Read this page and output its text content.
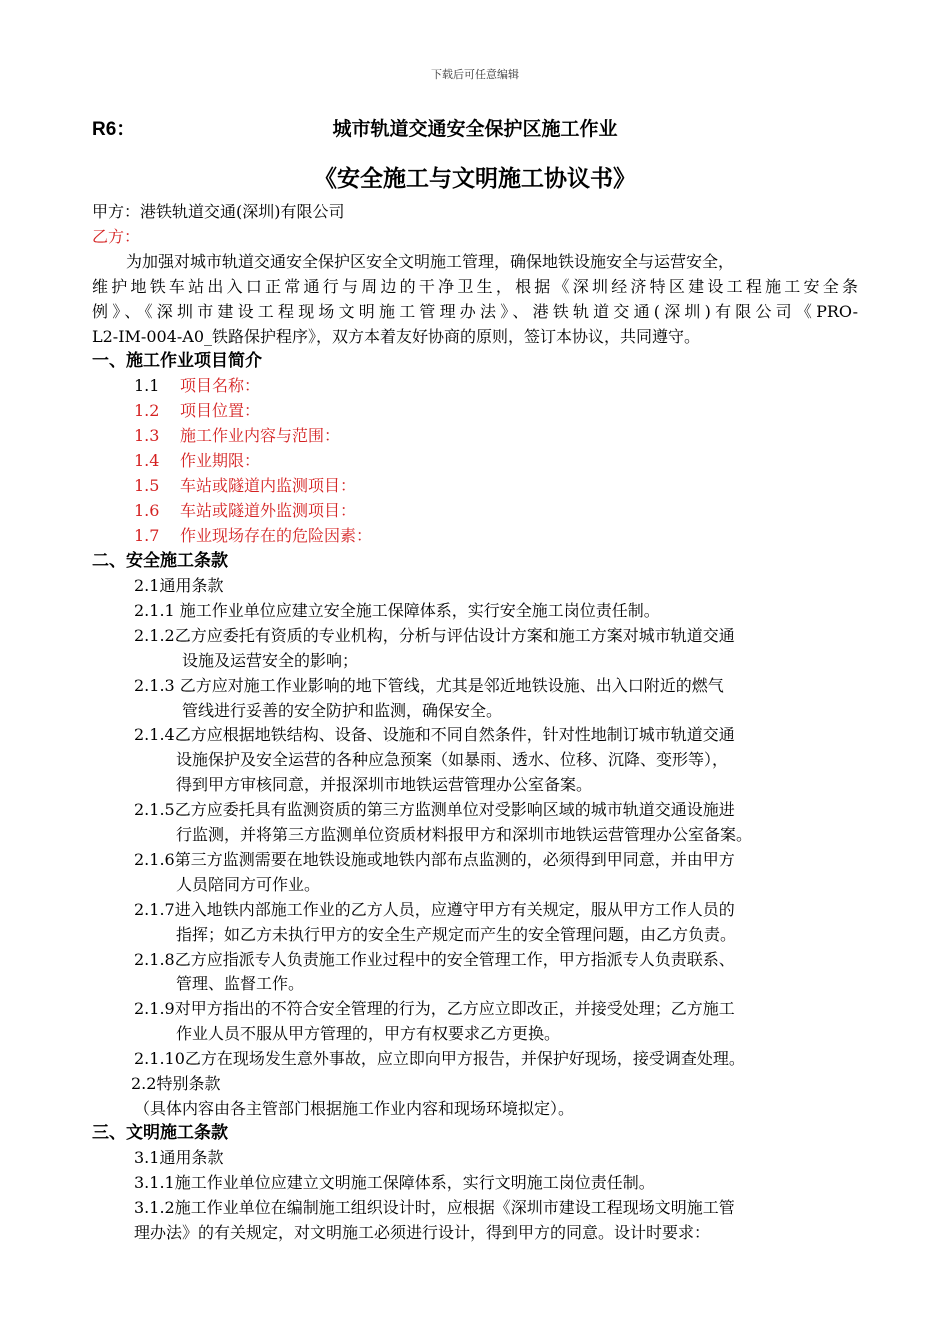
下载后可任意编辑
R6：	城市轨道交通安全保护区施工作业
《安全施工与文明施工协议书》
甲方：港铁轨道交通(深圳)有限公司
乙方：
为加强对城市轨道交通安全保护区安全文明施工管理，确保地铁设施安全与运营安全，
维护地铁车站出入口正常通行与周边的干净卫生，根据《深圳经济特区建设工程施工安全条
例》、《深圳市建设工程现场文明施工管理办法》、港铁轨道交通(深圳)有限公司《PRO-
L2-IM-004-A0_铁路保护程序》，双方本着友好协商的原则，签订本协议，共同遵守。
一、施工作业项目简介
1.1 项目名称：
1.2 项目位置：
1.3 施工作业内容与范围：
1.4 作业期限：
1.5 车站或隧道内监测项目：
1.6 车站或隧道外监测项目：
1.7 作业现场存在的危险因素：
二、安全施工条款
2.1通用条款
2.1.1 施工作业单位应建立安全施工保障体系，实行安全施工岗位责任制。
2.1.2乙方应委托有资质的专业机构，分析与评估设计方案和施工方案对城市轨道交通
设施及运营安全的影响；
2.1.3 乙方应对施工作业影响的地下管线，尤其是邻近地铁设施、出入口附近的燃气
管线进行妥善的安全防护和监测，确保安全。
2.1.4乙方应根据地铁结构、设备、设施和不同自然条件，针对性地制订城市轨道交通
设施保护及安全运营的各种应急预案（如暴雨、透水、位移、沉降、变形等），
得到甲方审核同意，并报深圳市地铁运营管理办公室备案。
2.1.5乙方应委托具有监测资质的第三方监测单位对受影响区域的城市轨道交通设施进
行监测，并将第三方监测单位资质材料报甲方和深圳市地铁运营管理办公室备案。
2.1.6第三方监测需要在地铁设施或地铁内部布点监测的，必须得到甲同意，并由甲方
人员陪同方可作业。
2.1.7进入地铁内部施工作业的乙方人员，应遵守甲方有关规定，服从甲方工作人员的
指挥；如乙方未执行甲方的安全生产规定而产生的安全管理问题，由乙方负责。
2.1.8乙方应指派专人负责施工作业过程中的安全管理工作，甲方指派专人负责联系、
管理、监督工作。
2.1.9对甲方指出的不符合安全管理的行为，乙方应立即改正，并接受处理；乙方施工
作业人员不服从甲方管理的，甲方有权要求乙方更换。
2.1.10乙方在现场发生意外事故，应立即向甲方报告，并保护好现场，接受调查处理。
2.2特别条款
（具体内容由各主管部门根据施工作业内容和现场环境拟定）。
三、文明施工条款
3.1通用条款
3.1.1施工作业单位应建立文明施工保障体系，实行文明施工岗位责任制。
3.1.2施工作业单位在编制施工组织设计时，应根据《深圳市建设工程现场文明施工管
理办法》的有关规定，对文明施工必须进行设计，得到甲方的同意。设计时要求：
